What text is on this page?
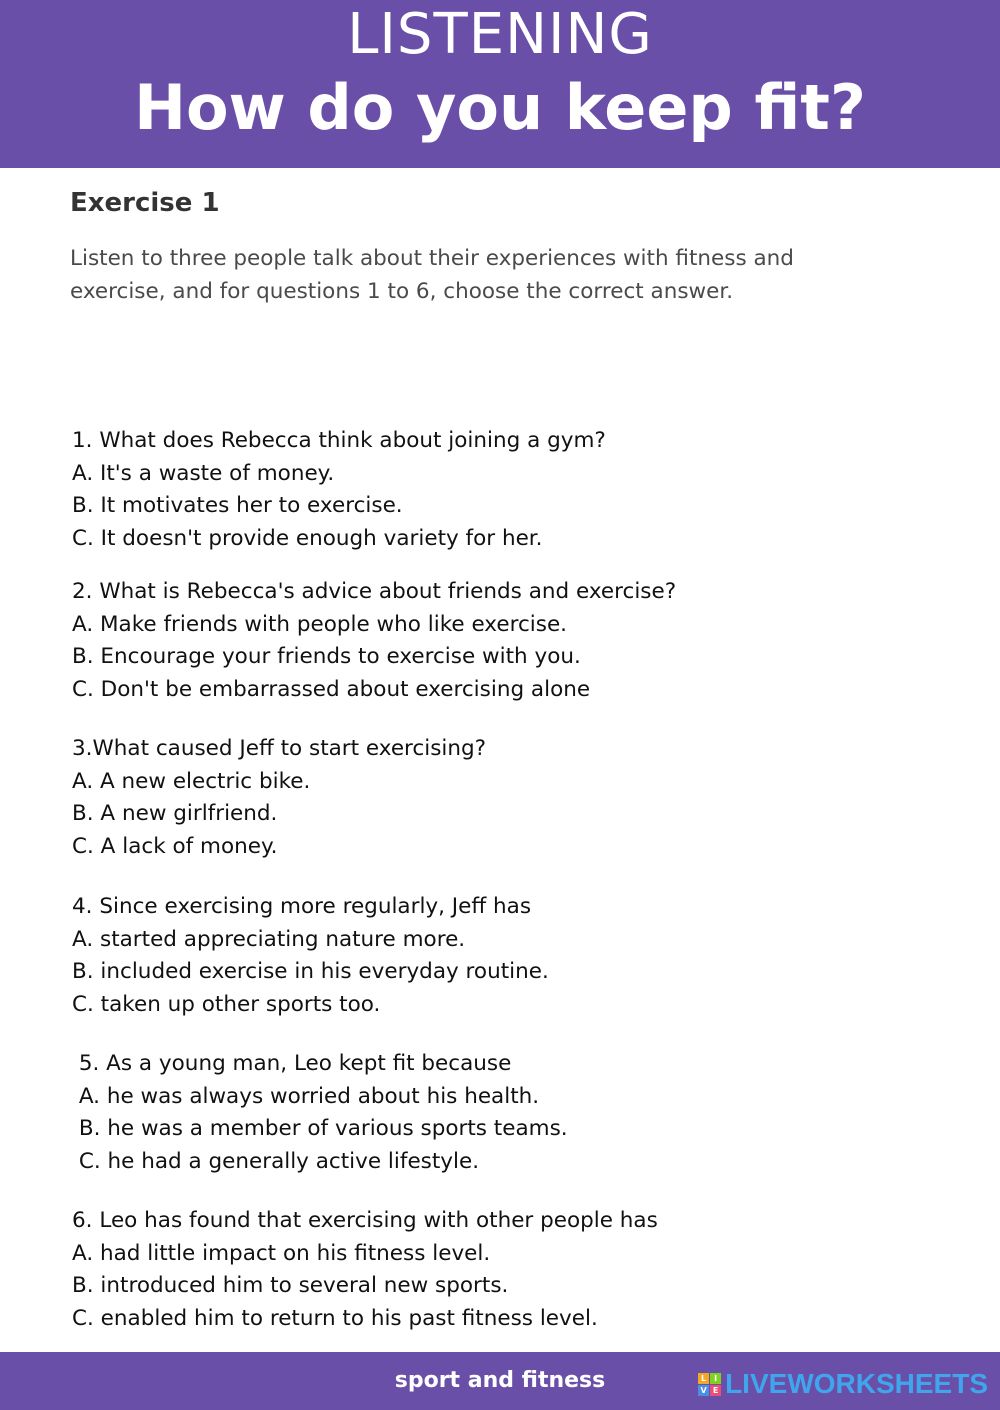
LISTENING
How do you keep fit?
Exercise 1
Listen to three people talk about their experiences with fitness and
exercise, and for questions 1 to 6, choose the correct answer.
1. What does Rebecca think about joining a gym?
A. It's a waste of money.
B. It motivates her to exercise.
C. It doesn't provide enough variety for her.
2. What is Rebecca's advice about friends and exercise?
A. Make friends with people who like exercise.
B. Encourage your friends to exercise with you.
C. Don't be embarrassed about exercising alone
3.What caused Jeff to start exercising?
A. A new electric bike.
B. A new girlfriend.
C. A lack of money.
4. Since exercising more regularly, Jeff has
A. started appreciating nature more.
B. included exercise in his everyday routine.
C. taken up other sports too.
5. As a young man, Leo kept fit because
A. he was always worried about his health.
B. he was a member of various sports teams.
C. he had a generally active lifestyle.
6. Leo has found that exercising with other people has
A. had little impact on his fitness level.
B. introduced him to several new sports.
C. enabled him to return to his past fitness level.
sport and fitness	L I
V E LIVEWORKSHEETS
